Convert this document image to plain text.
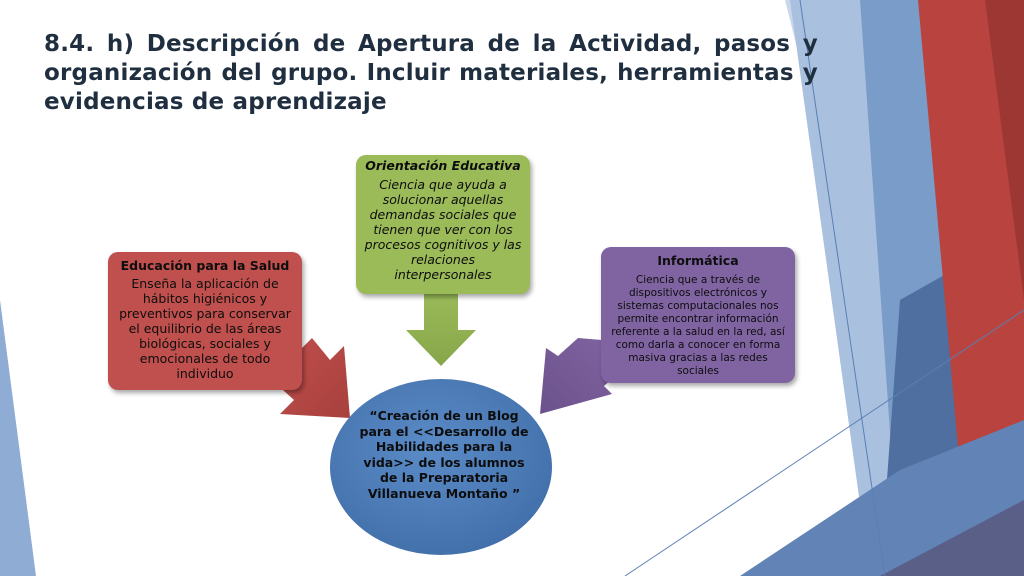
8.4. h) Descripción de Apertura de la Actividad, pasos y organización del grupo. Incluir materiales, herramientas y evidencias de aprendizaje
Educación para la Salud
Enseña la aplicación de hábitos higiénicos y preventivos para conservar el equilibrio de las áreas biológicas, sociales y emocionales de todo individuo
Orientación Educativa
Ciencia que ayuda a solucionar aquellas demandas sociales que tienen que ver con los procesos cognitivos y las relaciones interpersonales
Informática
Ciencia que a través de dispositivos electrónicos y sistemas computacionales nos permite encontrar información referente a la salud en la red, así como darla a conocer en forma masiva gracias a las redes sociales
“Creación de un Blog para el <<Desarrollo de Habilidades para la vida>> de los alumnos de la Preparatoria Villanueva Montaño ”
